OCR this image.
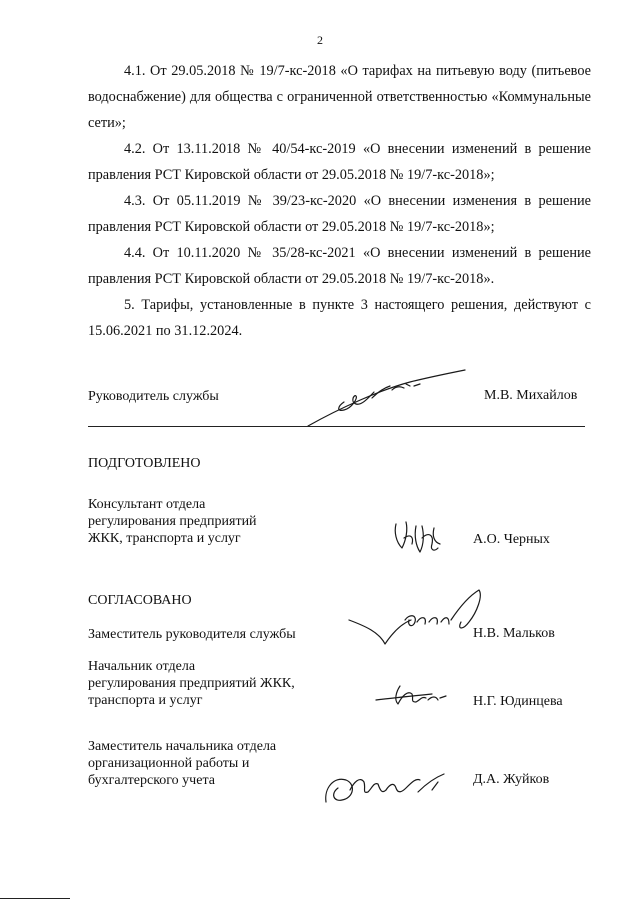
2
4.1. От 29.05.2018 № 19/7-кс-2018 «О тарифах на питьевую воду (питьевое водоснабжение) для общества с ограниченной ответственностью «Коммунальные сети»;
4.2. От 13.11.2018 № 40/54-кс-2019 «О внесении изменений в решение правления РСТ Кировской области от 29.05.2018 № 19/7-кс-2018»;
4.3. От 05.11.2019 № 39/23-кс-2020 «О внесении изменения в решение правления РСТ Кировской области от 29.05.2018 № 19/7-кс-2018»;
4.4. От 10.11.2020 № 35/28-кс-2021 «О внесении изменений в решение правления РСТ Кировской области от 29.05.2018 № 19/7-кс-2018».
5. Тарифы, установленные в пункте 3 настоящего решения, действуют с 15.06.2021 по 31.12.2024.
Руководитель службы	М.В. Михайлов
ПОДГОТОВЛЕНО
Консультант отдела
регулирования предприятий
ЖКК, транспорта и услуг	А.О. Черных
СОГЛАСОВАНО
Заместитель руководителя службы	Н.В. Мальков
Начальник отдела
регулирования предприятий ЖКК,
транспорта и услуг	Н.Г. Юдинцева
Заместитель начальника отдела
организационной работы и
бухгалтерского учета	Д.А. Жуйков
